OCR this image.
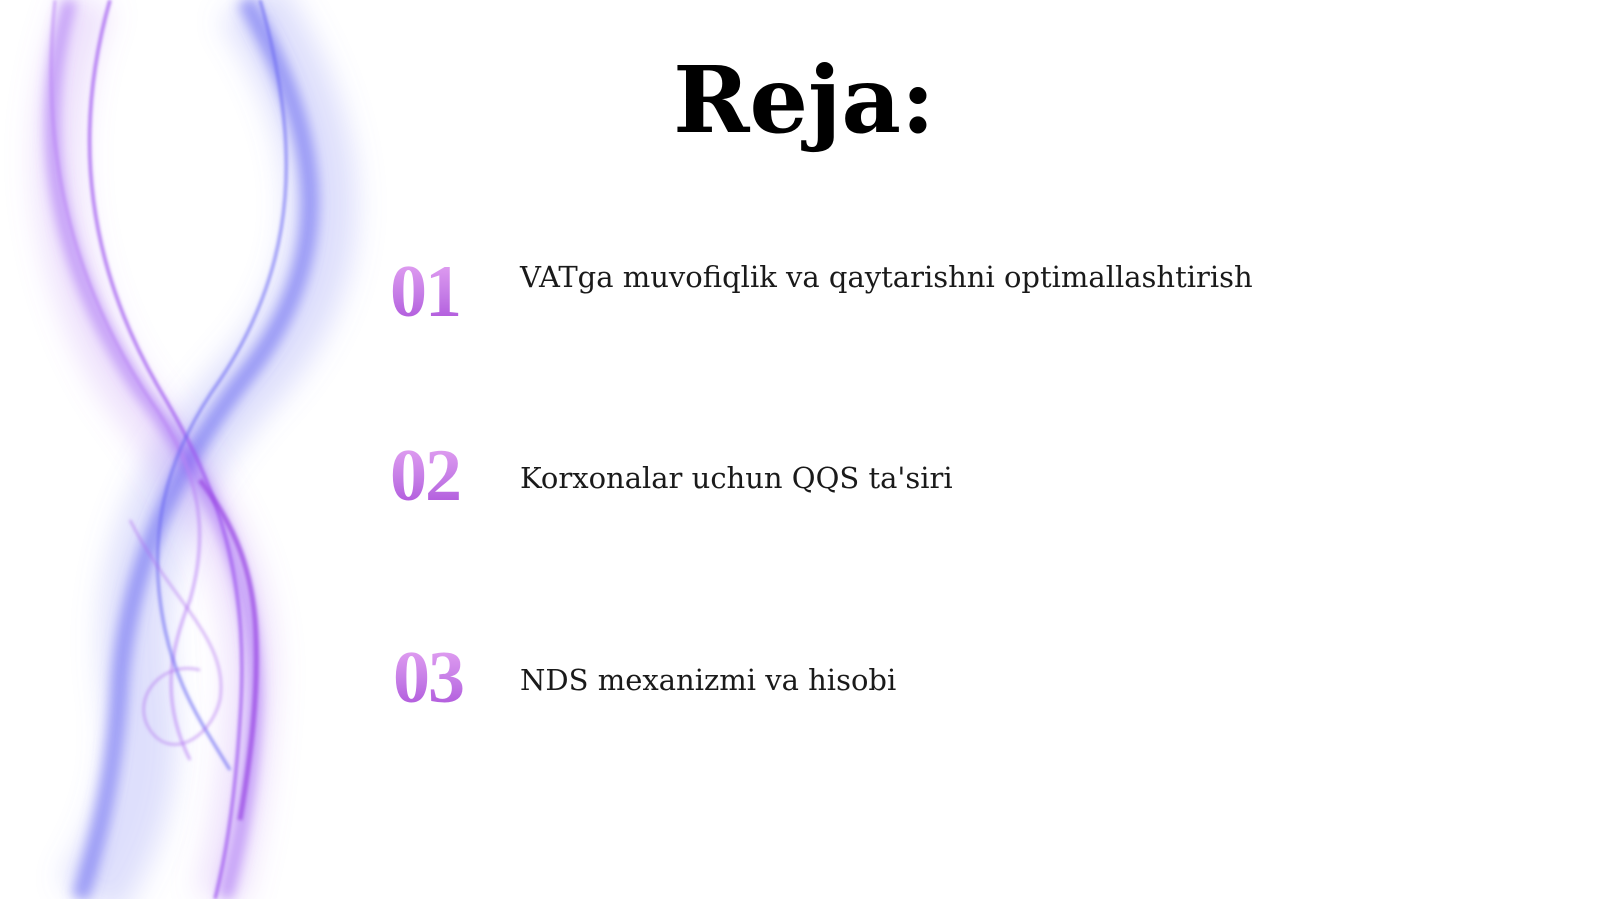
Reja:
01 VATga muvofiqlik va qaytarishni optimallashtirish
02 Korxonalar uchun QQS ta'siri
03 NDS mexanizmi va hisobi
